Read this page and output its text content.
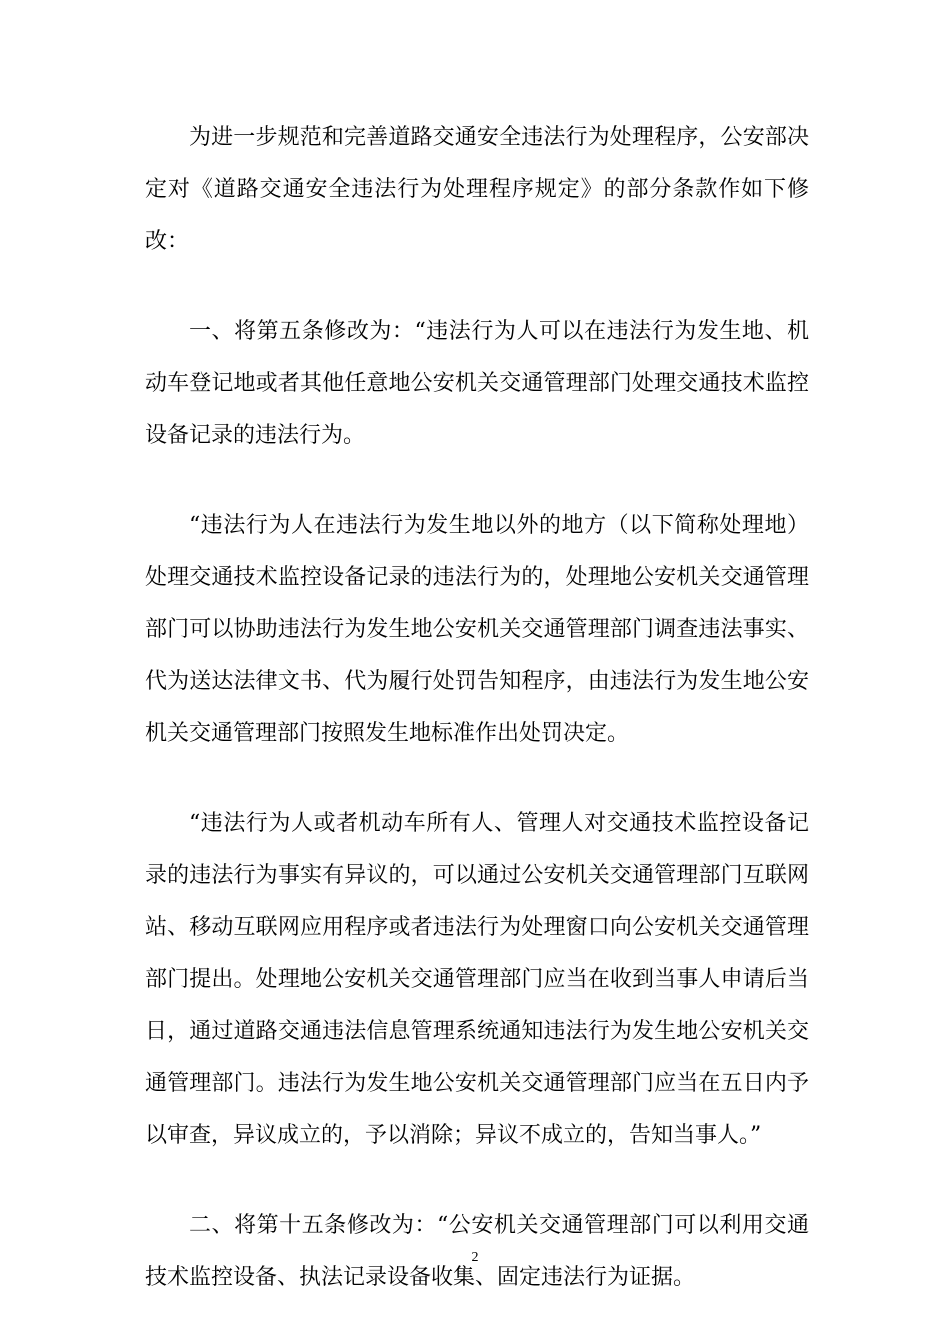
为进一步规范和完善道路交通安全违法行为处理程序，公安部决定对《道路交通安全违法行为处理程序规定》的部分条款作如下修改：

一、将第五条修改为：“违法行为人可以在违法行为发生地、机动车登记地或者其他任意地公安机关交通管理部门处理交通技术监控设备记录的违法行为。

“违法行为人在违法行为发生地以外的地方（以下简称处理地）处理交通技术监控设备记录的违法行为的，处理地公安机关交通管理部门可以协助违法行为发生地公安机关交通管理部门调查违法事实、代为送达法律文书、代为履行处罚告知程序，由违法行为发生地公安机关交通管理部门按照发生地标准作出处罚决定。

“违法行为人或者机动车所有人、管理人对交通技术监控设备记录的违法行为事实有异议的，可以通过公安机关交通管理部门互联网站、移动互联网应用程序或者违法行为处理窗口向公安机关交通管理部门提出。处理地公安机关交通管理部门应当在收到当事人申请后当日，通过道路交通违法信息管理系统通知违法行为发生地公安机关交通管理部门。违法行为发生地公安机关交通管理部门应当在五日内予以审查，异议成立的，予以消除；异议不成立的，告知当事人。”

二、将第十五条修改为：“公安机关交通管理部门可以利用交通技术监控设备、执法记录设备收集、固定违法行为证据。

2
